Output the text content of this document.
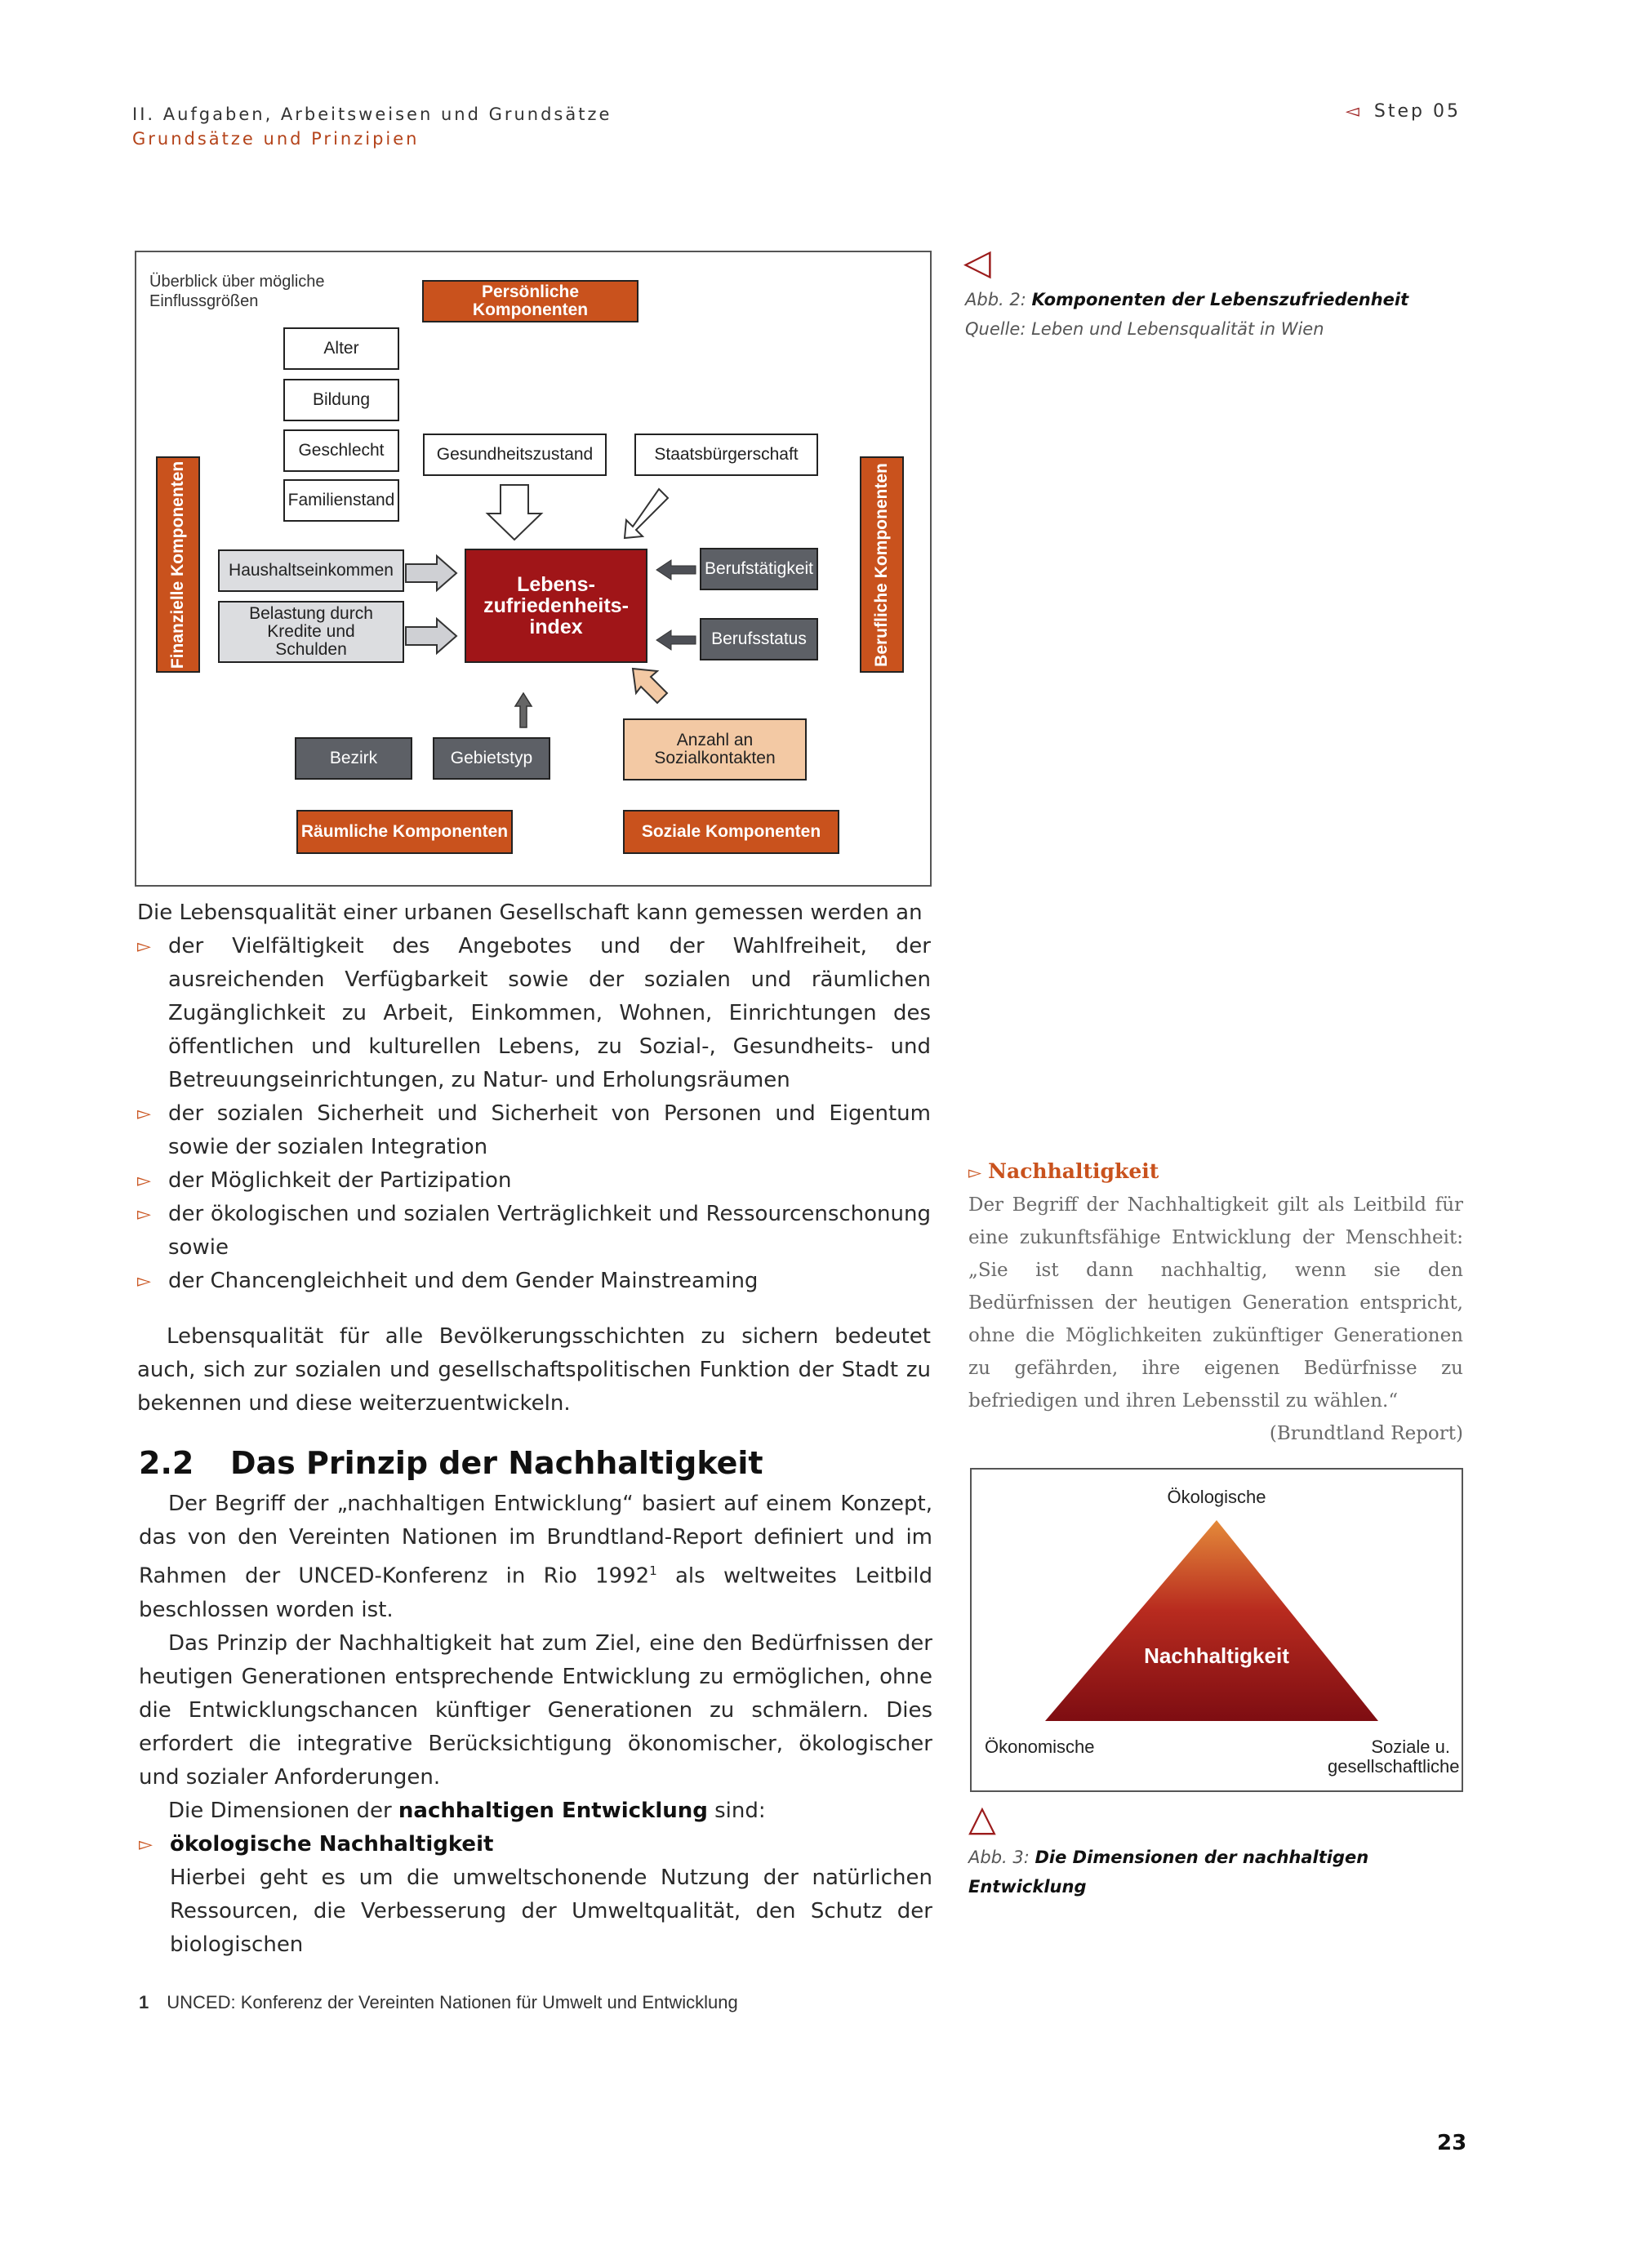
II. Aufgaben, Arbeitsweisen und Grundsätze
Grundsätze und Prinzipien
◅ Step 05
Überblick über mögliche Einflussgrößen
Persönliche Komponenten
Alter
Bildung
Geschlecht
Familienstand
Gesundheitszustand	Staatsbürgerschaft
Finanzielle Komponenten	Berufliche Komponenten
Haushaltseinkommen
Belastung durch Kredite und Schulden
Lebens-zufriedenheits-index
Berufstätigkeit
Berufsstatus
Bezirk	Gebietstyp
Anzahl an Sozialkontakten
Räumliche Komponenten	Soziale Komponenten
◁
Abb. 2: Komponenten der Lebenszufriedenheit
Quelle: Leben und Lebensqualität in Wien

Die Lebensqualität einer urbanen Gesellschaft kann gemessen werden an

▻ der Vielfältigkeit des Angebotes und der Wahlfreiheit, der ausreichenden Verfügbarkeit sowie der sozialen und räumlichen Zugänglichkeit zu Arbeit, Einkommen, Wohnen, Einrichtungen des öffentlichen und kulturellen Lebens, zu Sozial-, Gesundheits- und Betreuungseinrichtungen, zu Natur- und Erholungsräumen
▻ der sozialen Sicherheit und Sicherheit von Personen und Eigentum sowie der sozialen Integration
▻ der Möglichkeit der Partizipation
▻ der ökologischen und sozialen Verträglichkeit und Ressourcenschonung sowie
▻ der Chancengleichheit und dem Gender Mainstreaming
Lebensqualität für alle Bevölkerungsschichten zu sichern bedeutet auch, sich zur sozialen und gesellschaftspolitischen Funktion der Stadt zu bekennen und diese weiterzuentwickeln.
2.2 Das Prinzip der Nachhaltigkeit

Der Begriff der „nachhaltigen Entwicklung“ basiert auf einem Konzept, das von den Vereinten Nationen im Brundtland-Report definiert und im Rahmen der UNCED-Konferenz in Rio 1992$^1$ als weltweites Leitbild beschlossen worden ist.

Das Prinzip der Nachhaltigkeit hat zum Ziel, eine den Bedürfnissen der heutigen Generationen entsprechende Entwicklung zu ermöglichen, ohne die Entwicklungschancen künftiger Generationen zu schmälern. Dies erfordert die integrative Berücksichtigung ökonomischer, ökologischer und sozialer Anforderungen.

Die Dimensionen der nachhaltigen Entwicklung sind:

▻ ökologische Nachhaltigkeit

Hierbei geht es um die umweltschonende Nutzung der natürlichen Ressourcen, die Verbesserung der Umweltqualität, den Schutz der biologischen

▻ Nachhaltigkeit

Der Begriff der Nachhaltigkeit gilt als Leitbild für eine zukunftsfähige Entwicklung der Menschheit: „Sie ist dann nachhaltig, wenn sie den Bedürfnissen der heutigen Generation entspricht, ohne die Möglichkeiten zukünftiger Generationen zu gefährden, ihre eigenen Bedürfnisse zu befriedigen und ihren Lebensstil zu wählen.“

(Brundtland Report)
Ökologische
Nachhaltigkeit
Ökonomische	Soziale u. gesellschaftliche
△
Abb. 3: Die Dimensionen der nachhaltigen Entwicklung
1 UNCED: Konferenz der Vereinten Nationen für Umwelt und Entwicklung
23
